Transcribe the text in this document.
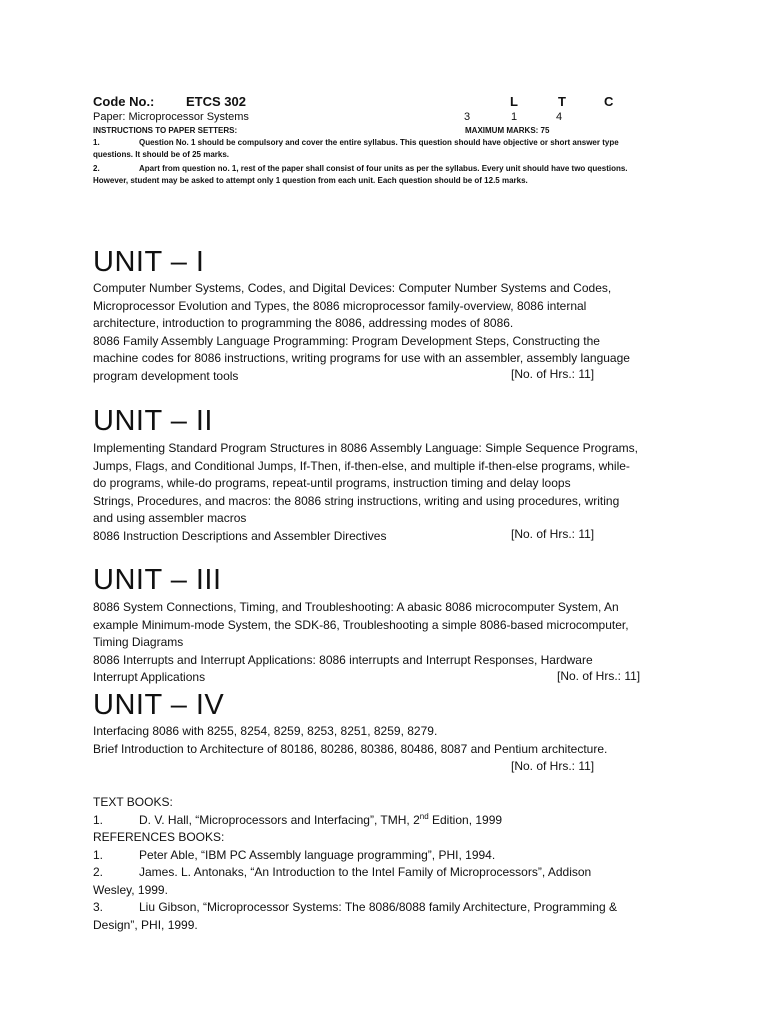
Code No.: ETCS 302	L	T	C
Paper: Microprocessor Systems	3	1	4
INSTRUCTIONS TO PAPER SETTERS:	MAXIMUM MARKS: 75
1.	Question No. 1 should be compulsory and cover the entire syllabus. This question should have objective or short answer type
questions. It should be of 25 marks.
2.	Apart from question no. 1, rest of the paper shall consist of four units as per the syllabus. Every unit should have two questions.
However, student may be asked to attempt only 1 question from each unit. Each question should be of 12.5 marks.
UNIT – I

Computer Number Systems, Codes, and Digital Devices: Computer Number Systems and Codes,

Microprocessor Evolution and Types, the 8086 microprocessor family-overview, 8086 internal

architecture, introduction to programming the 8086, addressing modes of 8086.

8086 Family Assembly Language Programming: Program Development Steps, Constructing the

machine codes for 8086 instructions, writing programs for use with an assembler, assembly language

program development tools	[No. of Hrs.: 11]
UNIT – II

Implementing Standard Program Structures in 8086 Assembly Language: Simple Sequence Programs,

Jumps, Flags, and Conditional Jumps, If-Then, if-then-else, and multiple if-then-else programs, while-

do programs, while-do programs, repeat-until programs, instruction timing and delay loops

Strings, Procedures, and macros: the 8086 string instructions, writing and using procedures, writing

and using assembler macros

8086 Instruction Descriptions and Assembler Directives	[No. of Hrs.: 11]
UNIT – III

8086 System Connections, Timing, and Troubleshooting: A abasic 8086 microcomputer System, An

example Minimum-mode System, the SDK-86, Troubleshooting a simple 8086-based microcomputer,

Timing Diagrams

8086 Interrupts and Interrupt Applications: 8086 interrupts and Interrupt Responses, Hardware

Interrupt Applications	[No. of Hrs.: 11]
UNIT – IV

Interfacing 8086 with 8255, 8254, 8259, 8253, 8251, 8259, 8279.

Brief Introduction to Architecture of 80186, 80286, 80386, 80486, 8087 and Pentium architecture.

[No. of Hrs.: 11]

TEXT BOOKS:

1.	D. V. Hall, “Microprocessors and Interfacing”, TMH, 2nd Edition, 1999

REFERENCES BOOKS:

1.	Peter Able, “IBM PC Assembly language programming”, PHI, 1994.

2.	James. L. Antonaks, “An Introduction to the Intel Family of Microprocessors”, Addison

Wesley, 1999.

3.	Liu Gibson, “Microprocessor Systems: The 8086/8088 family Architecture, Programming &

Design”, PHI, 1999.
